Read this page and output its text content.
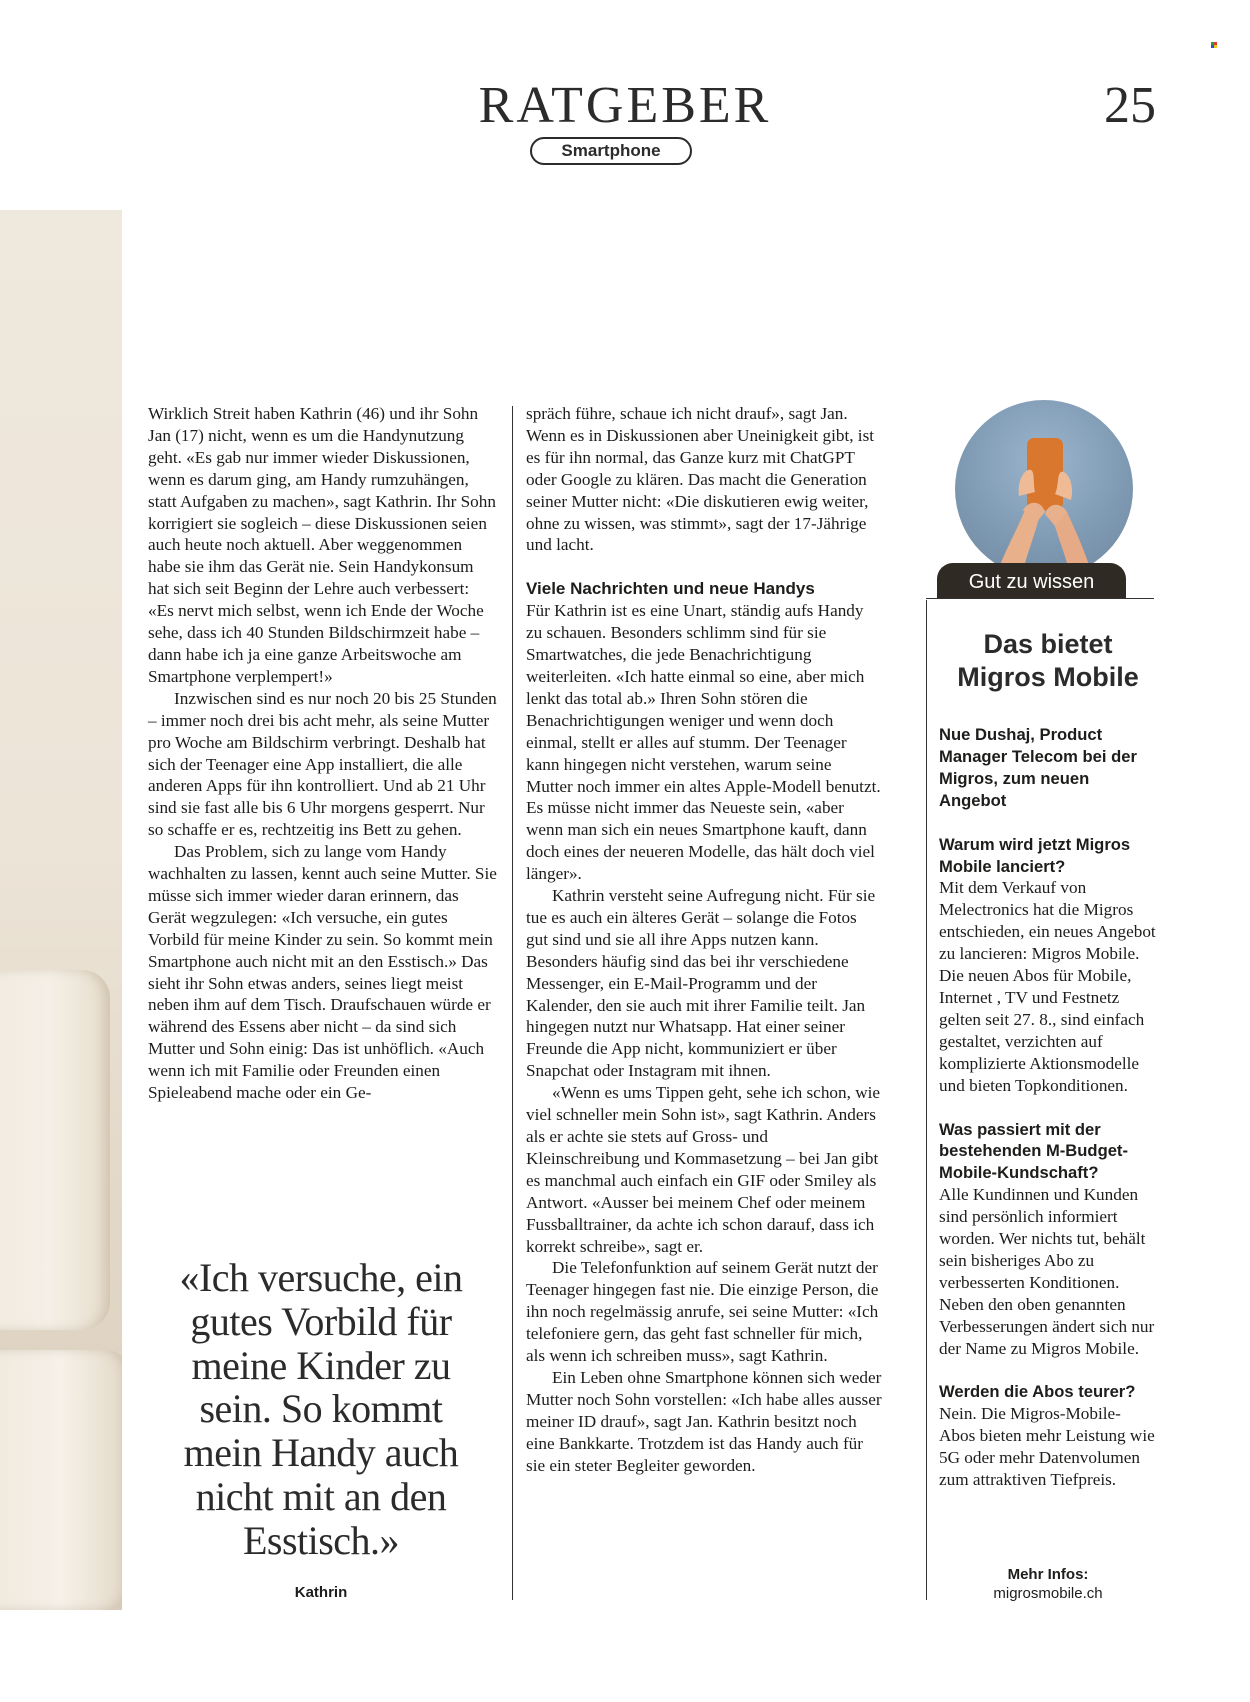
RATGEBER
Smartphone
25

Wirklich Streit haben Kathrin (46) und ihr Sohn Jan (17) nicht, wenn es um die Handynutzung geht. «Es gab nur immer wieder Diskussionen, wenn es darum ging, am Handy rumzuhängen, statt Aufgaben zu machen», sagt Kathrin. Ihr Sohn korrigiert sie sogleich – diese Diskussionen seien auch heute noch aktuell. Aber weggenommen habe sie ihm das Gerät nie. Sein Handykonsum hat sich seit Beginn der Lehre auch verbessert: «Es nervt mich selbst, wenn ich Ende der Woche sehe, dass ich 40 Stunden Bildschirmzeit habe – dann habe ich ja eine ganze Arbeitswoche am Smartphone verplempert!»

Inzwischen sind es nur noch 20 bis 25 Stunden – immer noch drei bis acht mehr, als seine Mutter pro Woche am Bildschirm verbringt. Deshalb hat sich der Teenager eine App installiert, die alle anderen Apps für ihn kontrolliert. Und ab 21 Uhr sind sie fast alle bis 6 Uhr morgens gesperrt. Nur so schaffe er es, rechtzeitig ins Bett zu gehen.

Das Problem, sich zu lange vom Handy wachhalten zu lassen, kennt auch seine Mutter. Sie müsse sich immer wieder daran erinnern, das Gerät wegzulegen: «Ich versuche, ein gutes Vorbild für meine Kinder zu sein. So kommt mein Smartphone auch nicht mit an den Esstisch.» Das sieht ihr Sohn etwas anders, seines liegt meist neben ihm auf dem Tisch. Draufschauen würde er während des Essens aber nicht – da sind sich Mutter und Sohn einig: Das ist unhöflich. «Auch wenn ich mit Familie oder Freunden einen Spieleabend mache oder ein Ge-

spräch führe, schaue ich nicht drauf», sagt Jan. Wenn es in Diskussionen aber Uneinigkeit gibt, ist es für ihn normal, das Ganze kurz mit ChatGPT oder Google zu klären. Das macht die Generation seiner Mutter nicht: «Die diskutieren ewig weiter, ohne zu wissen, was stimmt», sagt der 17-Jährige und lacht.

Viele Nachrichten und neue Handys

Für Kathrin ist es eine Unart, ständig aufs Handy zu schauen. Besonders schlimm sind für sie Smartwatches, die jede Benachrichtigung weiterleiten. «Ich hatte einmal so eine, aber mich lenkt das total ab.» Ihren Sohn stören die Benachrichtigungen weniger und wenn doch einmal, stellt er alles auf stumm. Der Teenager kann hingegen nicht verstehen, warum seine Mutter noch immer ein altes Apple-Modell benutzt. Es müsse nicht immer das Neueste sein, «aber wenn man sich ein neues Smartphone kauft, dann doch eines der neueren Modelle, das hält doch viel länger».

Kathrin versteht seine Aufregung nicht. Für sie tue es auch ein älteres Gerät – solange die Fotos gut sind und sie all ihre Apps nutzen kann. Besonders häufig sind das bei ihr verschiedene Messenger, ein E-Mail-Programm und der Kalender, den sie auch mit ihrer Familie teilt. Jan hingegen nutzt nur Whatsapp. Hat einer seiner Freunde die App nicht, kommuniziert er über Snapchat oder Instagram mit ihnen.

«Wenn es ums Tippen geht, sehe ich schon, wie viel schneller mein Sohn ist», sagt Kathrin. Anders als er achte sie stets auf Gross- und Kleinschreibung und Kommasetzung – bei Jan gibt es manchmal auch einfach ein GIF oder Smiley als Antwort. «Ausser bei meinem Chef oder meinem Fussballtrainer, da achte ich schon darauf, dass ich korrekt schreibe», sagt er.

Die Telefonfunktion auf seinem Gerät nutzt der Teenager hingegen fast nie. Die einzige Person, die ihn noch regelmässig anrufe, sei seine Mutter: «Ich telefoniere gern, das geht fast schneller für mich, als wenn ich schreiben muss», sagt Kathrin.

Ein Leben ohne Smartphone können sich weder Mutter noch Sohn vorstellen: «Ich habe alles ausser meiner ID drauf», sagt Jan. Kathrin besitzt noch eine Bankkarte. Trotzdem ist das Handy auch für sie ein steter Begleiter geworden.

«Ich versuche, ein gutes Vorbild für meine Kinder zu sein. So kommt mein Handy auch nicht mit an den Esstisch.»
Kathrin
Gut zu wissen
Das bietet Migros Mobile

Nue Dushaj, Product Manager Telecom bei der Migros, zum neuen Angebot

Warum wird jetzt Migros Mobile lanciert?

Mit dem Verkauf von Melectronics hat die Migros entschieden, ein neues Angebot zu lancieren: Migros Mobile. Die neuen Abos für Mobile, Internet , TV und Festnetz gelten seit 27. 8., sind einfach gestaltet, verzichten auf komplizierte Aktionsmodelle und bieten Topkonditionen.

Was passiert mit der bestehenden M-Budget-Mobile-Kundschaft?

Alle Kundinnen und Kunden sind persönlich informiert worden. Wer nichts tut, behält sein bisheriges Abo zu verbesserten Konditionen. Neben den oben genannten Verbesserungen ändert sich nur der Name zu Migros Mobile.

Werden die Abos teurer?

Nein. Die Migros-Mobile-Abos bieten mehr Leistung wie 5G oder mehr Datenvolumen zum attraktiven Tiefpreis.

Mehr Infos:
migrosmobile.ch
